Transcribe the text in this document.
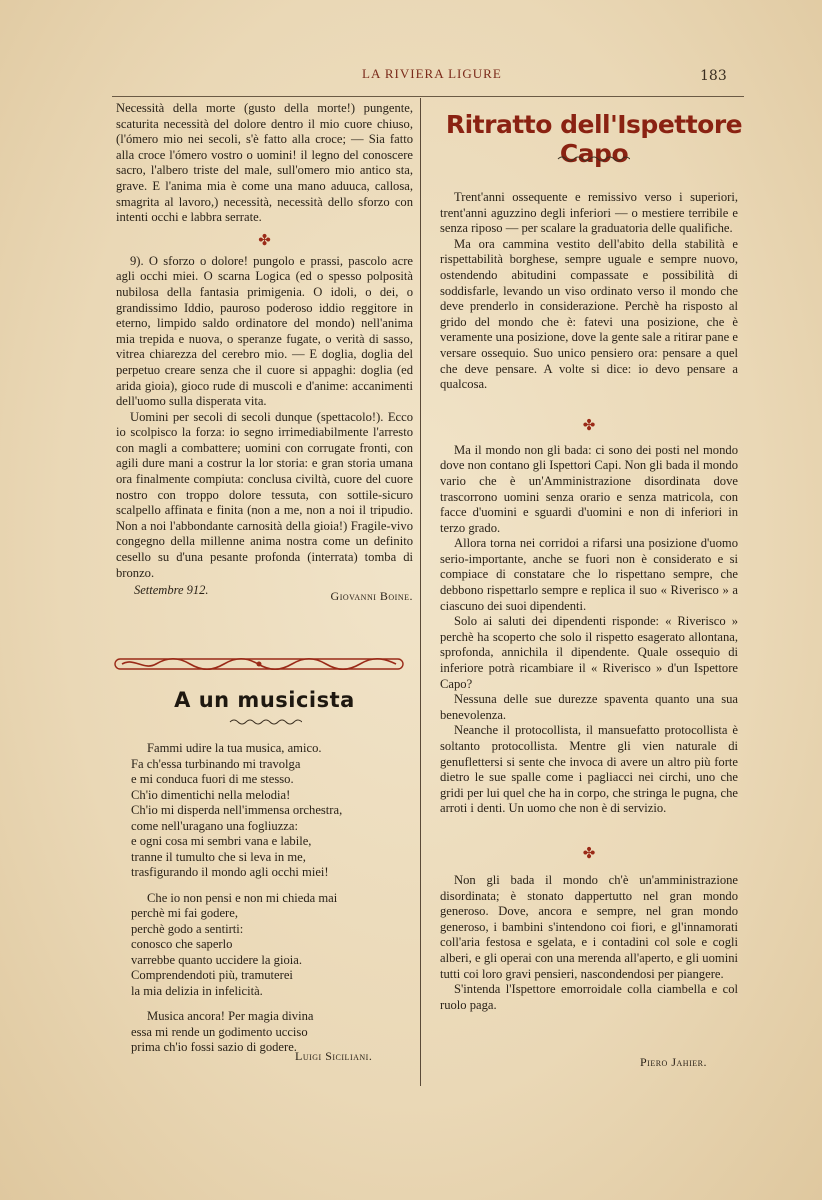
LA RIVIERA LIGURE	183

Necessità della morte (gusto della morte!) pungente, scaturita necessità del dolore dentro il mio cuore chiuso, (l'ómero mio nei secoli, s'è fatto alla croce; — Sia fatto alla croce l'ómero vostro o uomini! il legno del conoscere sacro, l'albero triste del male, sull'omero mio antico sta, grave. E l'anima mia è come una mano aduuca, callosa, smagrita al lavoro,) necessità, necessità dello sforzo con intenti occhi e labbra serrate.

✤

9). O sforzo o dolore! pungolo e prassi, pascolo acre agli occhi miei. O scarna Logica (ed o spesso polposità nubilosa della fantasia primigenia. O idoli, o dei, o grandissimo Iddio, pauroso poderoso iddio reggitore in eterno, limpido saldo ordinatore del mondo) nell'anima mia trepida e nuova, o speranze fugate, o verità di sasso, vitrea chiarezza del cerebro mio. — E doglia, doglia del perpetuo creare senza che il cuore si appaghi: doglia (ed arida gioia), gioco rude di muscoli e d'anime: accanimenti dell'uomo sulla disperata vita.

Uomini per secoli di secoli dunque (spettacolo!). Ecco io scolpisco la forza: io segno irrimediabilmente l'arresto con magli a combattere; uomini con corrugate fronti, con agili dure mani a costrur la lor storia: e gran storia umana ora finalmente compiuta: conclusa civiltà, cuore del cuore nostro con troppo dolore tessuta, con sottile-sicuro scalpello affinata e finita (non a me, non a noi il tripudio. Non a noi l'abbondante carnosità della gioia!) Fragile-vivo congegno della millenne anima nostra come un definito cesello su d'una pesante profonda (interrata) tomba di bronzo.

Settembre 912.	Giovanni Boine.
A un musicista
Fammi udire la tua musica, amico.
Fa ch'essa turbinando mi travolga
e mi conduca fuori di me stesso.
Ch'io dimentichi nella melodia!
Ch'io mi disperda nell'immensa orchestra,
come nell'uragano una fogliuzza:
e ogni cosa mi sembri vana e labile,
tranne il tumulto che si leva in me,
trasfigurando il mondo agli occhi miei!
Che io non pensi e non mi chieda mai
perchè mi fai godere,
perchè godo a sentirti:
conosco che saperlo
varrebbe quanto uccidere la gioia.
Comprendendoti più, tramuterei
la mia delizia in infelicità.
Musica ancora! Per magia divina
essa mi rende un godimento ucciso
prima ch'io fossi sazio di godere.
Luigi Siciliani.
Ritratto dell'Ispettore Capo

Trent'anni ossequente e remissivo verso i superiori, trent'anni aguzzino degli inferiori — o mestiere terribile e senza riposo — per scalare la graduatoria delle qualifiche.

Ma ora cammina vestito dell'abito della stabilità e rispettabilità borghese, sempre uguale e sempre nuovo, ostendendo abitudini compassate e possibilità di soddisfarle, levando un viso ordinato verso il mondo che deve prenderlo in considerazione. Perchè ha risposto al grido del mondo che è: fatevi una posizione, che è veramente una posizione, dove la gente sale a ritirar pane e versare ossequio. Suo unico pensiero ora: pensare a quel che deve pensare. A volte si dice: io devo pensare a qualcosa.

✤

Ma il mondo non gli bada: ci sono dei posti nel mondo dove non contano gli Ispettori Capi. Non gli bada il mondo vario che è un'Amministrazione disordinata dove trascorrono uomini senza orario e senza matricola, con facce d'uomini e sguardi d'uomini e non di inferiori in terzo grado.

Allora torna nei corridoi a rifarsi una posizione d'uomo serio-importante, anche se fuori non è considerato e si compiace di constatare che lo rispettano sempre, che debbono rispettarlo sempre e replica il suo « Riverisco » a ciascuno dei suoi dipendenti.

Solo ai saluti dei dipendenti risponde: « Riverisco » perchè ha scoperto che solo il rispetto esagerato allontana, sprofonda, annichila il dipendente. Quale ossequio di inferiore potrà ricambiare il « Riverisco » d'un Ispettore Capo?

Nessuna delle sue durezze spaventa quanto una sua benevolenza.

Neanche il protocollista, il mansuefatto protocollista è soltanto protocollista. Mentre gli vien naturale di genuflettersi si sente che invoca di avere un altro più forte dietro le sue spalle come i pagliacci nei circhi, uno che gridi per lui quel che ha in corpo, che stringa le pugna, che arroti i denti. Un uomo che non è di servizio.

✤

Non gli bada il mondo ch'è un'amministrazione disordinata; è stonato dappertutto nel gran mondo generoso. Dove, ancora e sempre, nel gran mondo generoso, i bambini s'intendono coi fiori, e gl'innamorati coll'aria festosa e sgelata, e i contadini col sole e cogli alberi, e gli operai con una merenda all'aperto, e gli uomini tutti coi loro gravi pensieri, nascondendosi per piangere.

S'intenda l'Ispettore emorroidale colla ciambella e col ruolo paga.

Piero Jahier.
